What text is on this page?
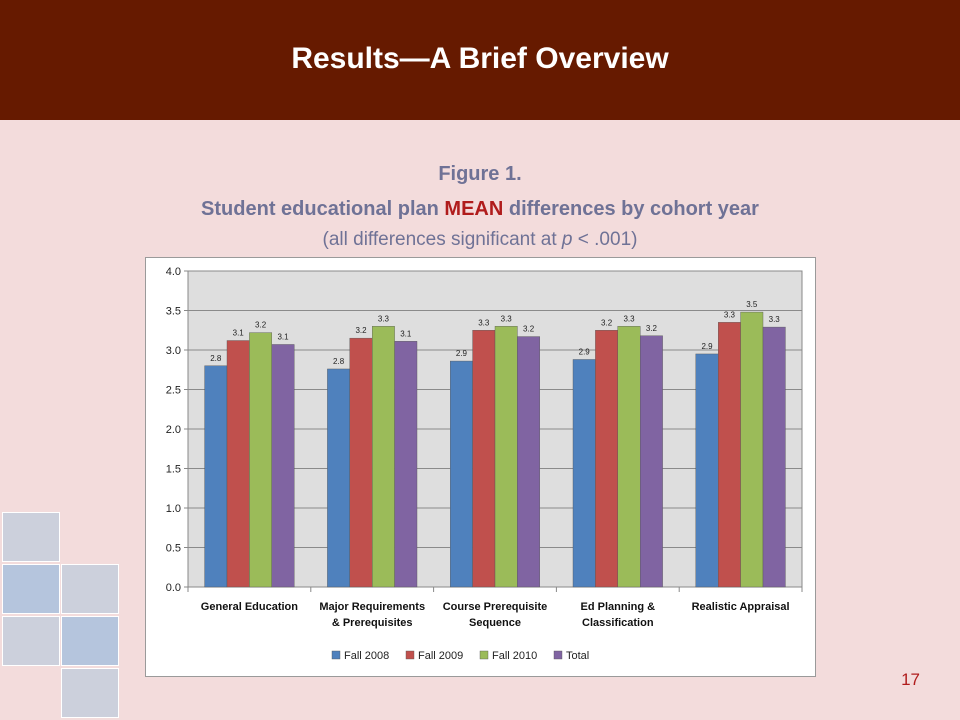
Results—A Brief Overview
Figure 1.
Student educational plan MEAN differences by cohort year
(all differences significant at p < .001)
0.0
0.5
1.0
1.5
2.0
2.5
3.0
3.5
4.0
2.8
3.1
3.2
3.1
General Education
2.8
3.2
3.3
3.1
Major Requirements
& Prerequisites
2.9
3.3 3.3
3.2
Course Prerequisite
Sequence
2.9
3.2 3.3
3.2
Ed Planning &
Classification
2.9
3.3
3.5
3.3
Realistic Appraisal
Fall 2008	Fall 2009	Fall 2010	Total
17
